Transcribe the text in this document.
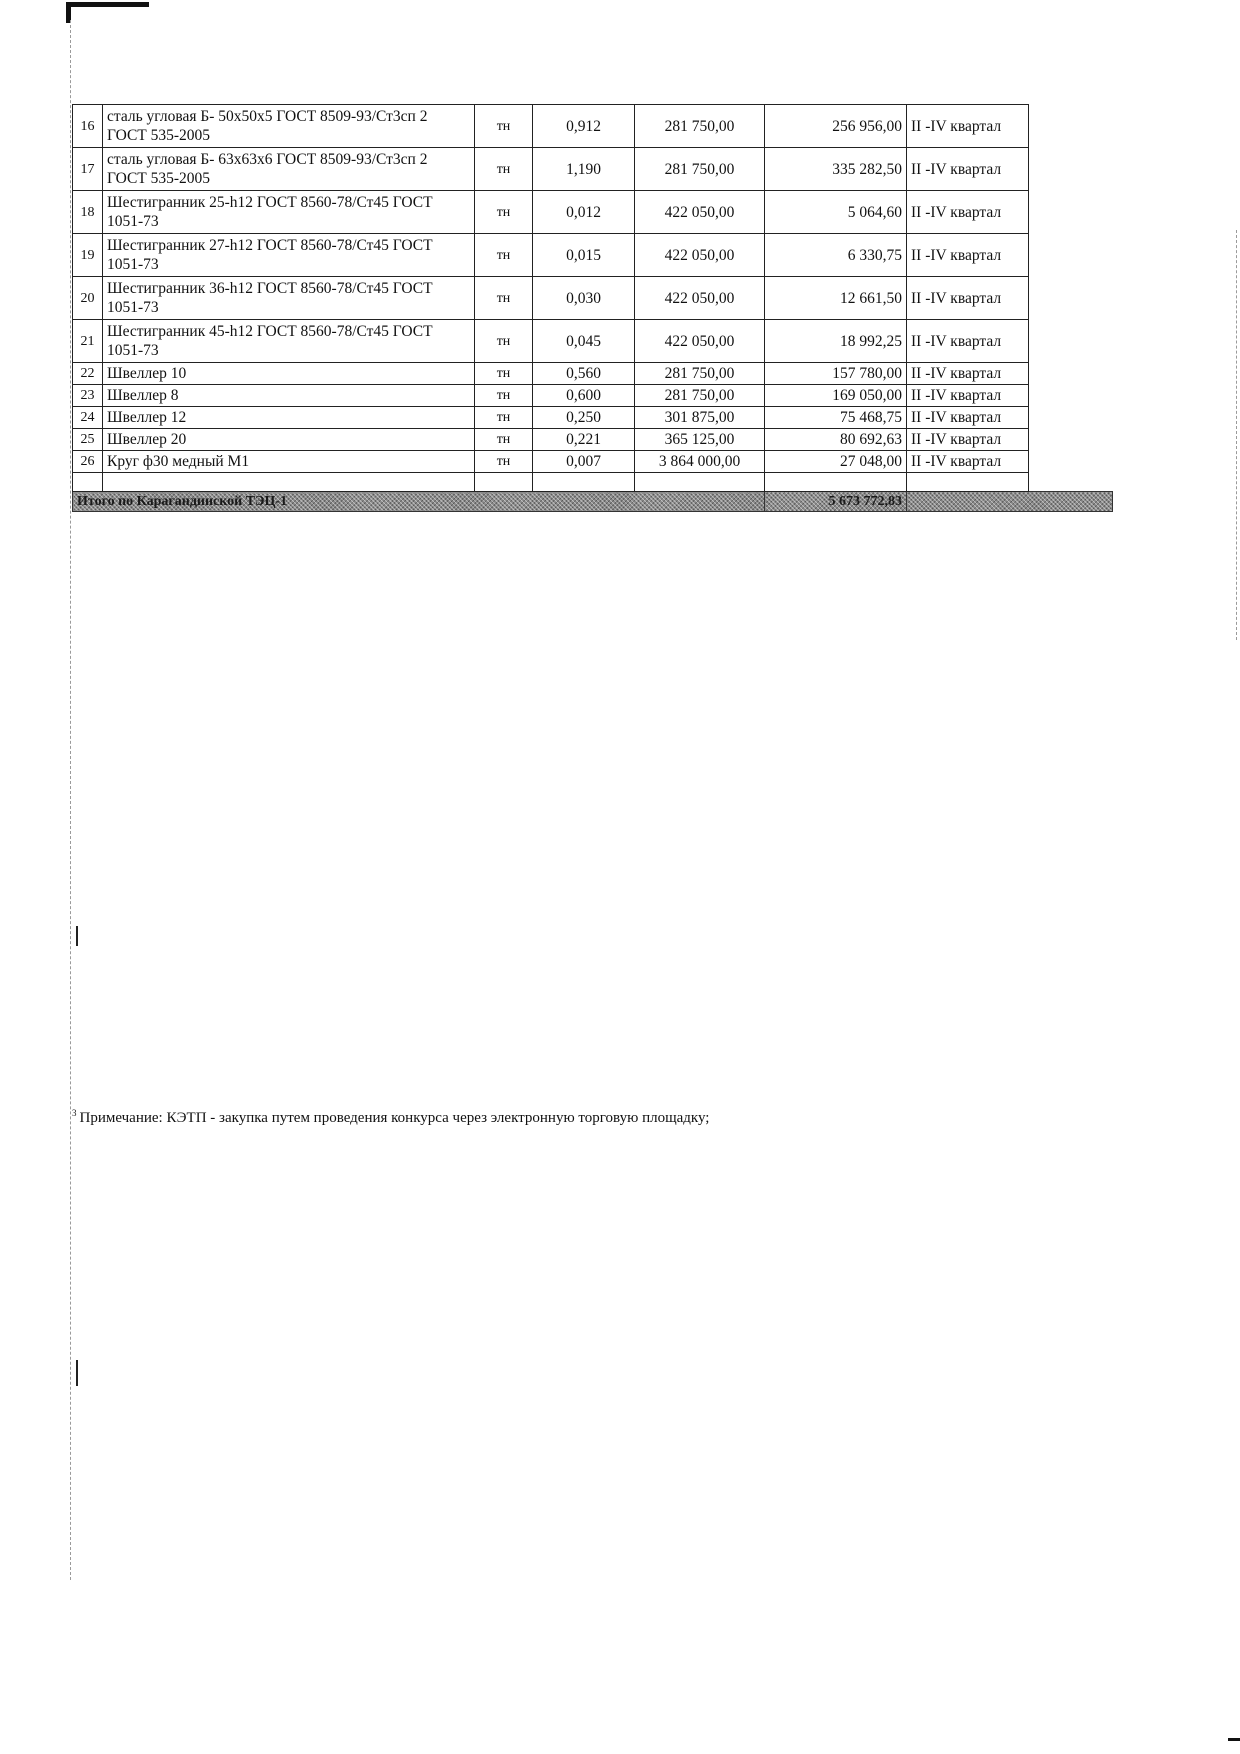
16	сталь угловая Б- 50х50х5 ГОСТ 8509-93/Ст3сп 2 ГОСТ 535-2005	тн	0,912	281 750,00	256 956,00	II -IV квартал	
17	сталь угловая Б- 63х63х6 ГОСТ 8509-93/Ст3сп 2 ГОСТ 535-2005	тн	1,190	281 750,00	335 282,50	II -IV квартал	
18	Шестигранник 25-h12 ГОСТ 8560-78/Ст45 ГОСТ 1051-73	тн	0,012	422 050,00	5 064,60	II -IV квартал	
19	Шестигранник 27-h12 ГОСТ 8560-78/Ст45 ГОСТ 1051-73	тн	0,015	422 050,00	6 330,75	II -IV квартал	
20	Шестигранник 36-h12 ГОСТ 8560-78/Ст45 ГОСТ 1051-73	тн	0,030	422 050,00	12 661,50	II -IV квартал	
21	Шестигранник 45-h12 ГОСТ 8560-78/Ст45 ГОСТ 1051-73	тн	0,045	422 050,00	18 992,25	II -IV квартал	
22	Швеллер 10	тн	0,560	281 750,00	157 780,00	II -IV квартал	
23	Швеллер 8	тн	0,600	281 750,00	169 050,00	II -IV квартал	
24	Швеллер 12	тн	0,250	301 875,00	75 468,75	II -IV квартал	
25	Швеллер 20	тн	0,221	365 125,00	80 692,63	II -IV квартал	
26	Круг ф30 медный М1	тн	0,007	3 864 000,00	27 048,00	II -IV квартал	

Итого по Карагандинской ТЭЦ-1					5 673 772,83		
$^3$ Примечание: КЭТП - закупка путем проведения конкурса через электронную торговую площадку;
